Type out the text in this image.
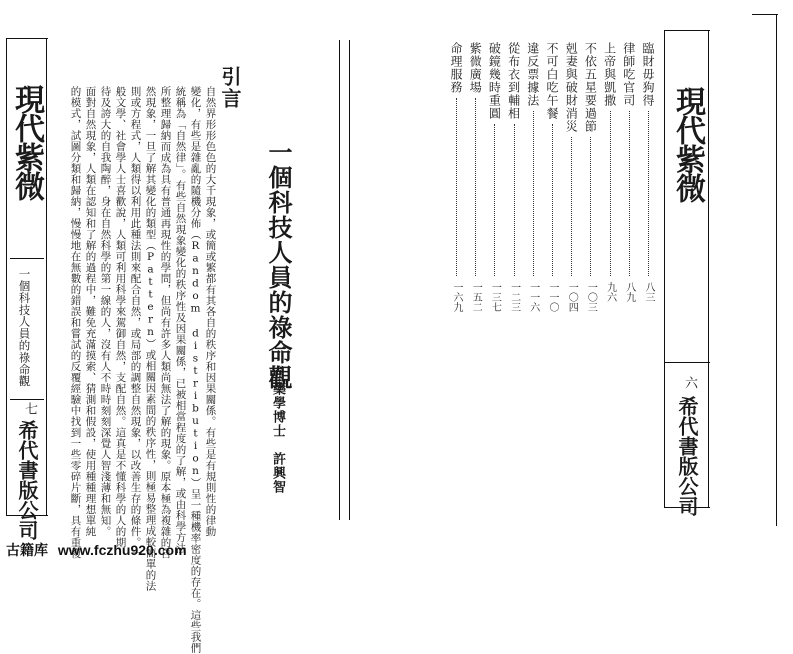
現代紫微
一個科技人員的祿命觀
七
希代書版公司	的模式，試圖分類和歸納，慢慢地在無數的錯誤和嘗試的反覆經驗中找到一些零碎片斷，具有重複 面對自然現象，人類在認知和了解的過程中，難免充滿摸索、猜測和假設，使用種種理想單純 待及誇大的自我陶醉，身在自然科學的第一線的人，沒有人不時時刻刻深覺人智淺薄和無知。 般文學、社會學人士喜歡說，人類可利用科學來駕御自然，支配自然。這真是不懂科學的人的期 則或方程式，人類得以利用此種法則來配合自然，或局部的調整自然現象，以改善生存的條件。一 然現象，一旦了解其變化的類型（Pattern）或相關因素間的秩序性，則極易整理成較簡單的法 所整理歸納而成為具有普通再現性的學問，但尚有許多人類尚無法了解的現象。原本極為複雜的自 統稱為「自然律」。有些自然現象變化的秩序性及因果關係，已被相當程度的了解，或由科學方法 變化，有些是雜亂的隨機分佈（Random distribution）呈一種機率密度的存在。這些我們 自然界形形色色的大千現象，或簡或繁都有其各自的秩序和因果關係。有些是有規則性的律動 引言
一個科技人員的祿命觀
藥學博士　許興智
臨財毋狗得
八三
律師吃官司
八九
上帝與凱撒
九六
不依五星要過節
一〇三
剋妻與破財消災
一〇四
不可白吃午餐
一一〇
違反票據法
一一六
從布衣到輔相
一二三
破鏡幾時重圓
一三七
紫微廣場
一五二
命理服務
一六九
現代紫微
六
希代書版公司
古籍库 www.fczhu920.com
